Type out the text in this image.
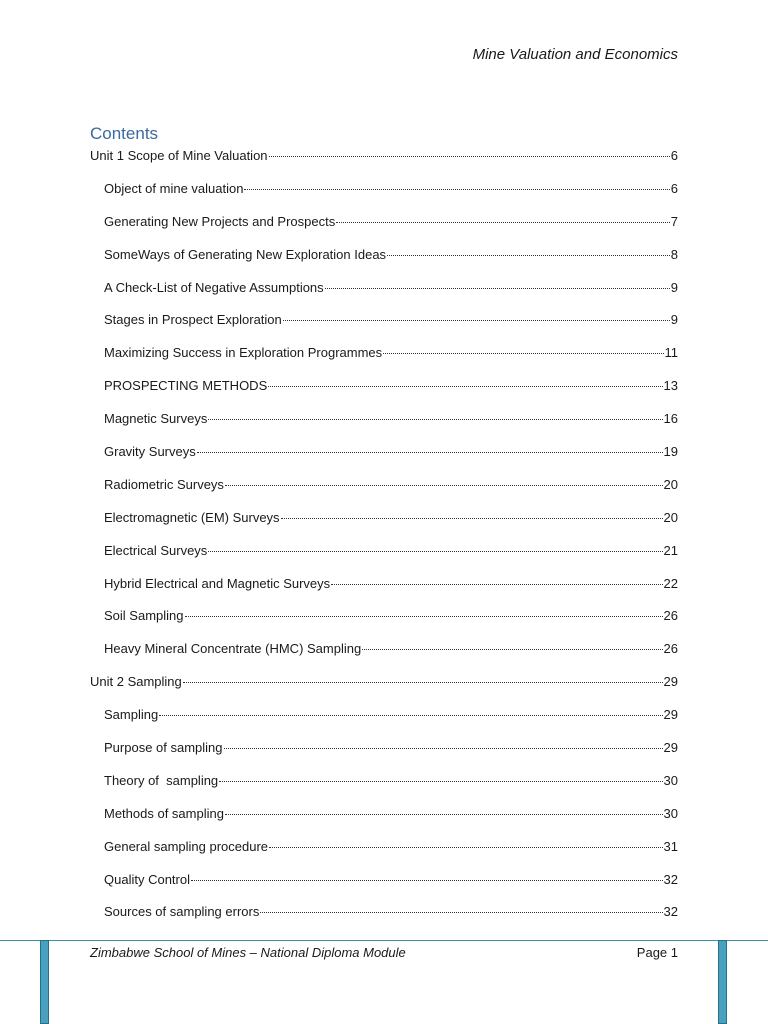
Mine Valuation and Economics
Contents
Unit 1 Scope of Mine Valuation	6
Object of mine valuation	6
Generating New Projects and Prospects	7
SomeWays of Generating New Exploration Ideas	8
A Check-List of Negative Assumptions	9
Stages in Prospect Exploration	9
Maximizing Success in Exploration Programmes	11
PROSPECTING METHODS	13
Magnetic Surveys	16
Gravity Surveys	19
Radiometric Surveys	20
Electromagnetic (EM) Surveys	20
Electrical Surveys	21
Hybrid Electrical and Magnetic Surveys	22
Soil Sampling	26
Heavy Mineral Concentrate (HMC) Sampling	26
Unit 2 Sampling	29
Sampling	29
Purpose of sampling	29
Theory of  sampling	30
Methods of sampling	30
General sampling procedure	31
Quality Control	32
Sources of sampling errors	32
Zimbabwe School of Mines – National Diploma Module	Page 1
